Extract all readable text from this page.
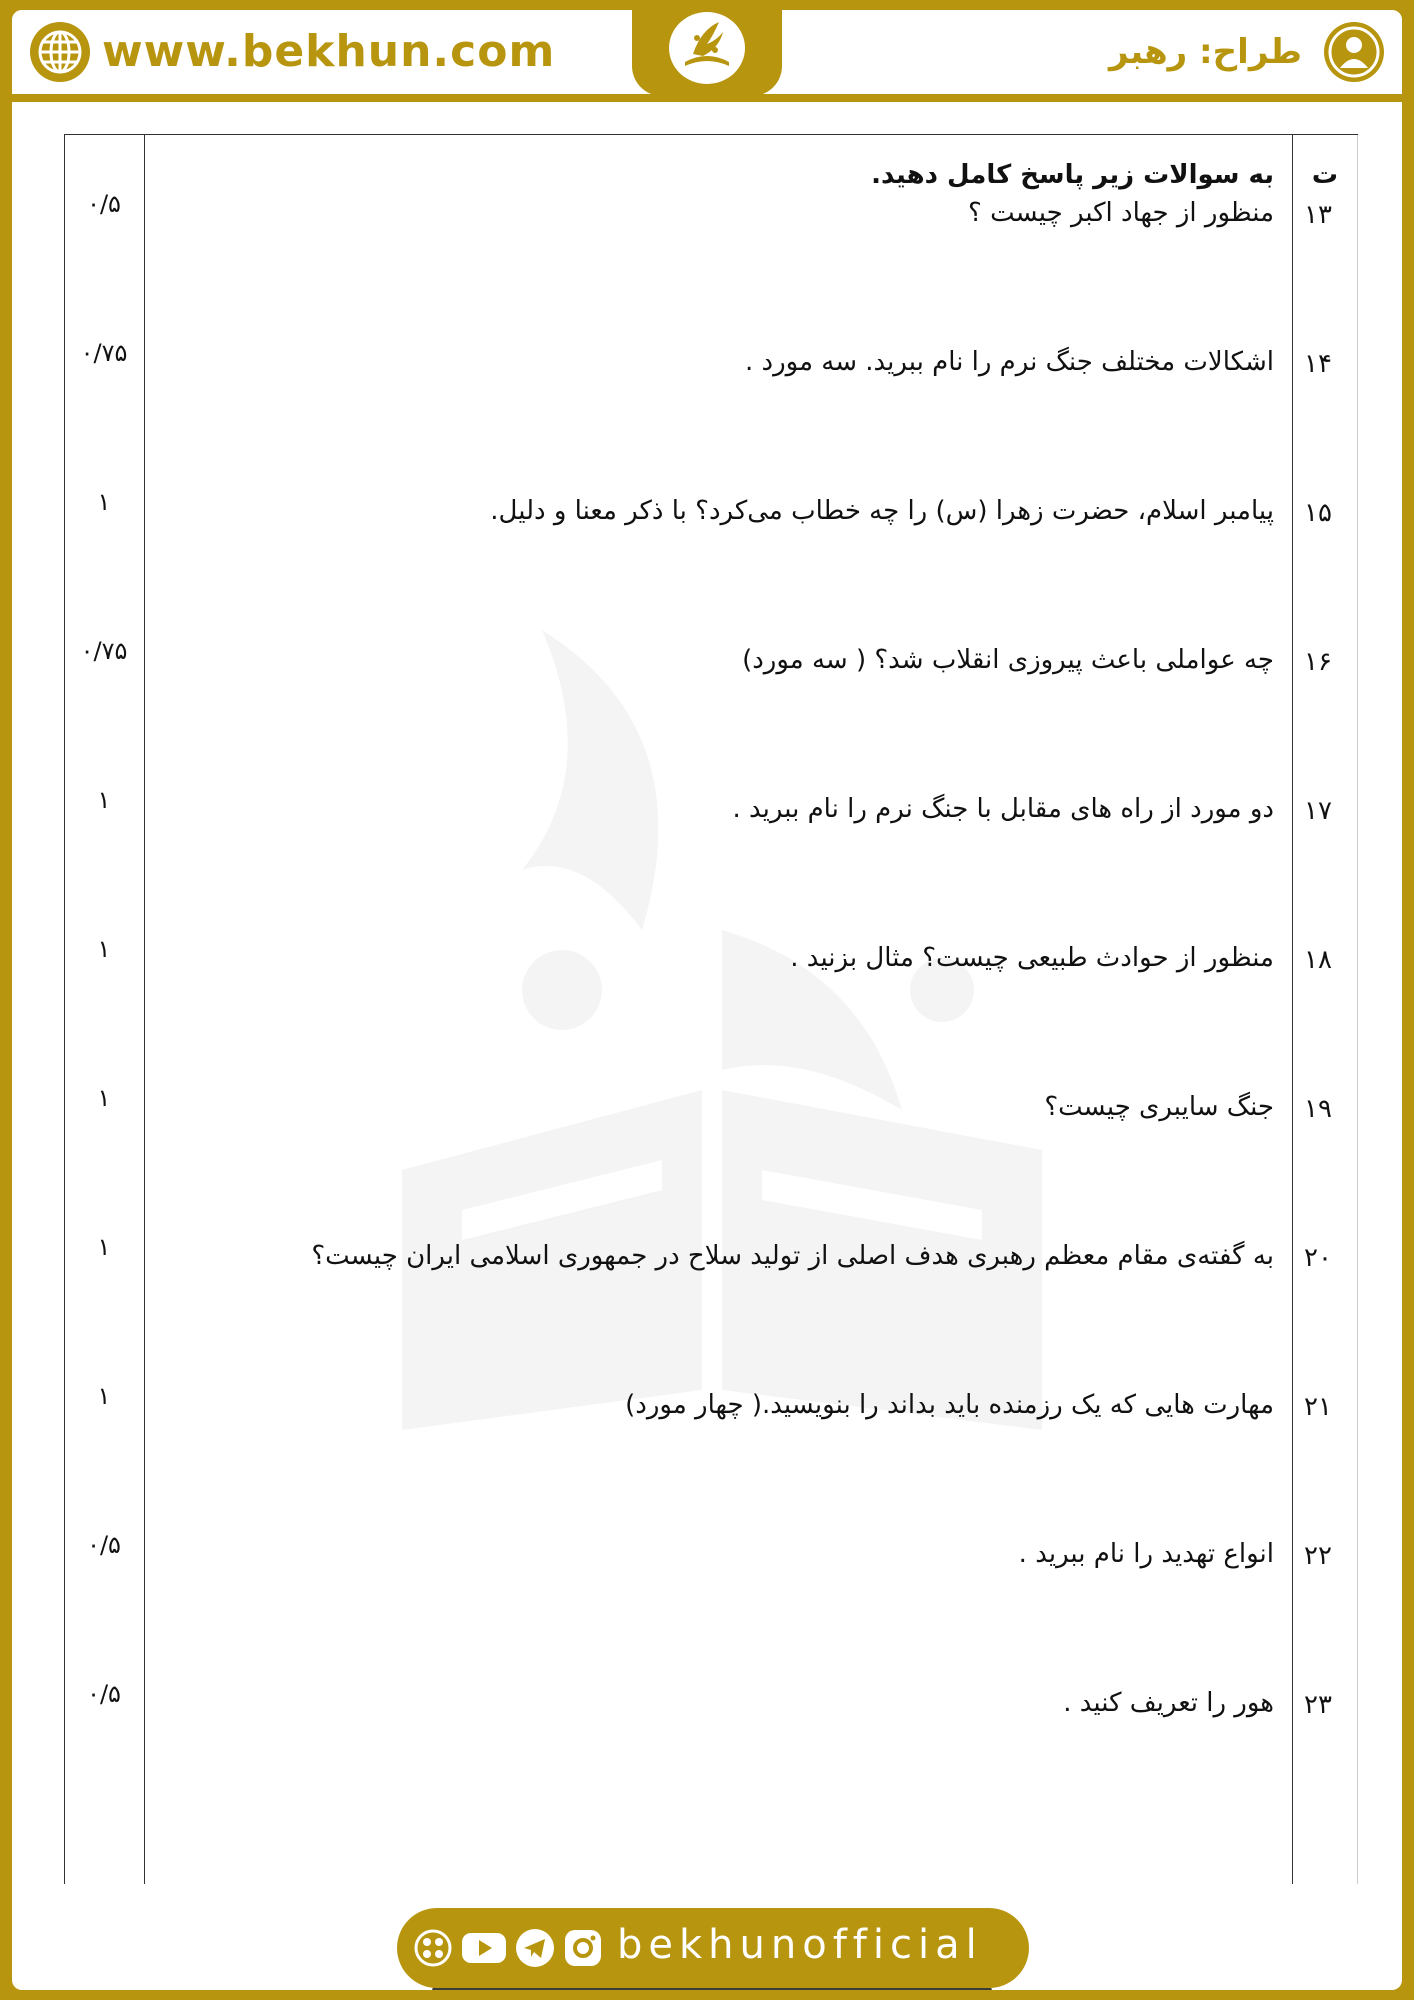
www.bekhun.com	طراح: رهبر
ت
به سوالات زیر پاسخ کامل دهید.
۱۳
منظور از جهاد اکبر چیست ؟
۰/۵
۱۴
اشکالات مختلف جنگ نرم را نام ببرید. سه مورد .
۰/۷۵
۱۵
پیامبر اسلام، حضرت زهرا (س) را چه خطاب می‌کرد؟ با ذکر معنا و دلیل.
۱
۱۶
چه عواملی باعث پیروزی انقلاب شد؟ ( سه مورد)
۰/۷۵
۱۷
دو مورد از راه های مقابل با جنگ نرم را نام ببرید .
۱
۱۸
منظور از حوادث طبیعی چیست؟ مثال بزنید .
۱
۱۹
جنگ سایبری چیست؟
۱
۲۰
به گفته‌ی مقام معظم رهبری هدف اصلی از تولید سلاح در جمهوری اسلامی ایران چیست؟
۱
۲۱
مهارت هایی که یک رزمنده باید بداند را بنویسید.( چهار مورد)
۱
۲۲
انواع تهدید را نام ببرید .
۰/۵
۲۳
هور را تعریف کنید .
۰/۵
bekhunofficial
